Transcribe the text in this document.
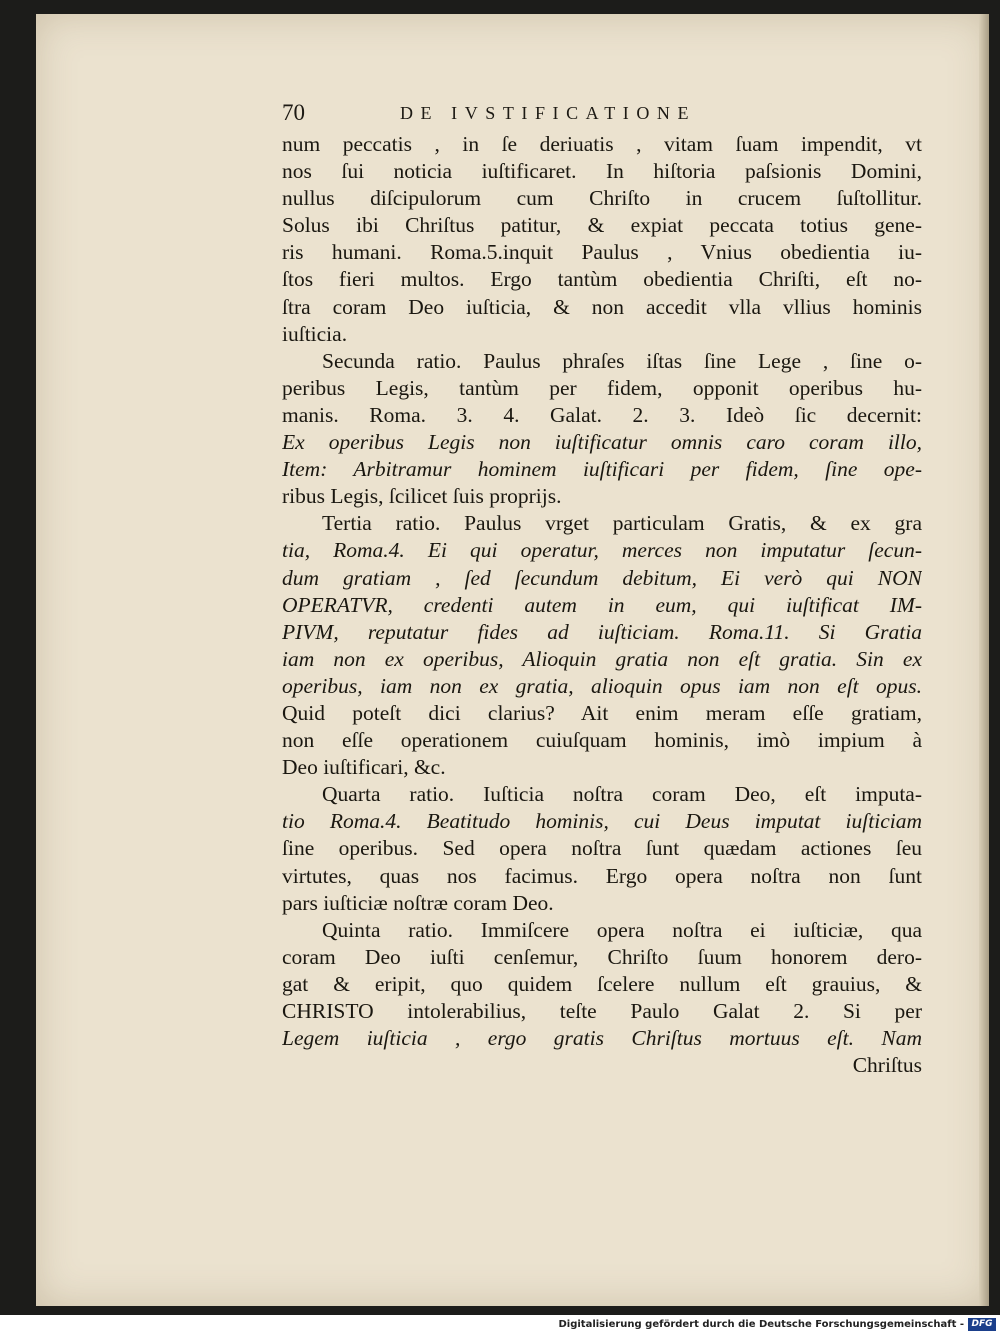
70	DE IVSTIFICATIONE
num peccatis , in ſe deriuatis , vitam ſuam impendit, vt
nos ſui noticia iuſtificaret. In hiſtoria paſsionis Domini,
nullus diſcipulorum cum Chriſto in crucem ſuſtollitur.
Solus ibi Chriſtus patitur, & expiat peccata totius gene-
ris humani. Roma.5.inquit Paulus , Vnius obedientia iu-
ſtos fieri multos. Ergo tantùm obedientia Chriſti, eſt no-
ſtra coram Deo iuſticia, & non accedit vlla vllius hominis
iuſticia.
Secunda ratio. Paulus phraſes iſtas ſine Lege , ſine o-
peribus Legis, tantùm per fidem, opponit operibus hu-
manis. Roma. 3. 4. Galat. 2. 3. Ideò ſic decernit:
Ex operibus Legis non iuſtificatur omnis caro coram illo,
Item: Arbitramur hominem iuſtificari per fidem, ſine ope-
ribus Legis, ſcilicet ſuis proprijs.
Tertia ratio. Paulus vrget particulam Gratis, & ex gra
tia, Roma.4. Ei qui operatur, merces non imputatur ſecun-
dum gratiam , ſed ſecundum debitum, Ei verò qui NON
OPERATVR, credenti autem in eum, qui iuſtificat IM-
PIVM, reputatur fides ad iuſticiam. Roma.11. Si Gratia
iam non ex operibus, Alioquin gratia non eſt gratia. Sin ex
operibus, iam non ex gratia, alioquin opus iam non eſt opus.
Quid poteſt dici clarius? Ait enim meram eſſe gratiam,
non eſſe operationem cuiuſquam hominis, imò impium à
Deo iuſtificari, &c.
Quarta ratio. Iuſticia noſtra coram Deo, eſt imputa-
tio Roma.4. Beatitudo hominis, cui Deus imputat iuſticiam
ſine operibus. Sed opera noſtra ſunt quædam actiones ſeu
virtutes, quas nos facimus. Ergo opera noſtra non ſunt
pars iuſticiæ noſtræ coram Deo.
Quinta ratio. Immiſcere opera noſtra ei iuſticiæ, qua
coram Deo iuſti cenſemur, Chriſto ſuum honorem dero-
gat & eripit, quo quidem ſcelere nullum eſt grauius, &
CHRISTO intolerabilius, teſte Paulo Galat 2. Si per
Legem iuſticia , ergo gratis Chriſtus mortuus eſt. Nam
Chriſtus
Digitalisierung gefördert durch die Deutsche Forschungsgemeinschaft - DFG
